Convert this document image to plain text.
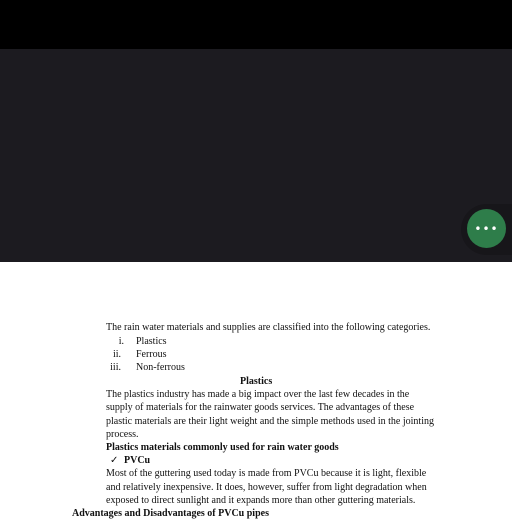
•••
The rain water materials and supplies are classified into the following categories.
i. Plastics
ii. Ferrous
iii. Non-ferrous
Plastics
The plastics industry has made a big impact over the last few decades in the
supply of materials for the rainwater goods services. The advantages of these
plastic materials are their light weight and the simple methods used in the jointing
process.
Plastics materials commonly used for rain water goods
✓ PVCu
Most of the guttering used today is made from PVCu because it is light, flexible
and relatively inexpensive. It does, however, suffer from light degradation when
exposed to direct sunlight and it expands more than other guttering materials.
Advantages and Disadvantages of PVCu pipes
